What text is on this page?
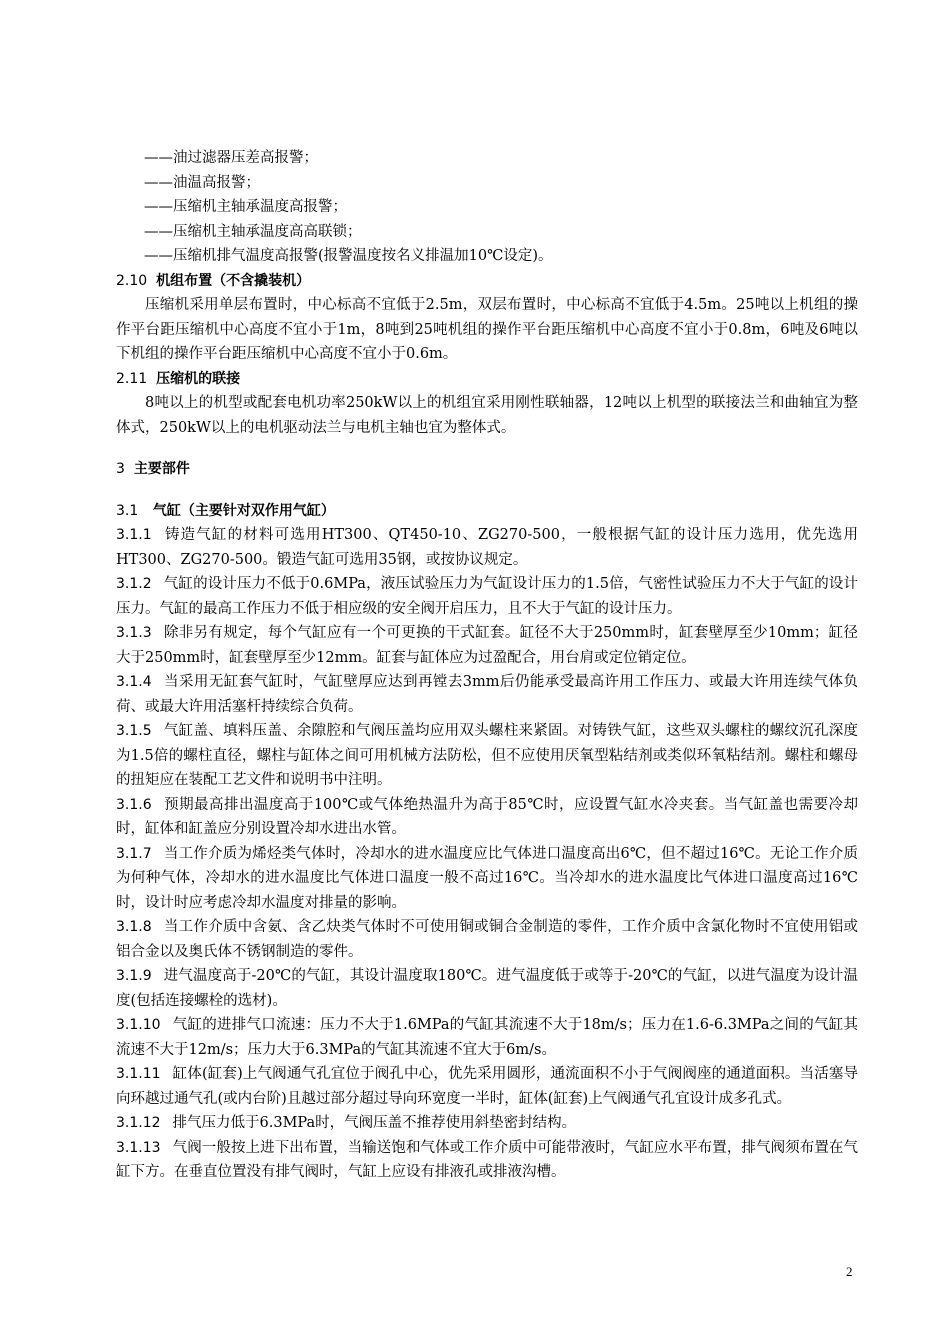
——油过滤器压差高报警；
——油温高报警；
——压缩机主轴承温度高报警；
——压缩机主轴承温度高高联锁；
——压缩机排气温度高报警(报警温度按名义排温加10℃设定)。
2.10 机组布置（不含撬装机）
压缩机采用单层布置时，中心标高不宜低于2.5m，双层布置时，中心标高不宜低于4.5m。25吨以上机组的操作平台距压缩机中心高度不宜小于1m，8吨到25吨机组的操作平台距压缩机中心高度不宜小于0.8m，6吨及6吨以下机组的操作平台距压缩机中心高度不宜小于0.6m。
2.11 压缩机的联接
8吨以上的机型或配套电机功率250kW以上的机组宜采用刚性联轴器，12吨以上机型的联接法兰和曲轴宜为整体式，250kW以上的电机驱动法兰与电机主轴也宜为整体式。
3 主要部件
3.1 气缸（主要针对双作用气缸）
3.1.1 铸造气缸的材料可选用HT300、QT450-10、ZG270-500，一般根据气缸的设计压力选用，优先选用HT300、ZG270-500。锻造气缸可选用35钢，或按协议规定。
3.1.2 气缸的设计压力不低于0.6MPa，液压试验压力为气缸设计压力的1.5倍，气密性试验压力不大于气缸的设计压力。气缸的最高工作压力不低于相应级的安全阀开启压力，且不大于气缸的设计压力。
3.1.3 除非另有规定，每个气缸应有一个可更换的干式缸套。缸径不大于250mm时，缸套壁厚至少10mm；缸径大于250mm时，缸套壁厚至少12mm。缸套与缸体应为过盈配合，用台肩或定位销定位。
3.1.4 当采用无缸套气缸时，气缸壁厚应达到再镗去3mm后仍能承受最高许用工作压力、或最大许用连续气体负荷、或最大许用活塞杆持续综合负荷。
3.1.5 气缸盖、填料压盖、余隙腔和气阀压盖均应用双头螺柱来紧固。对铸铁气缸，这些双头螺柱的螺纹沉孔深度为1.5倍的螺柱直径，螺柱与缸体之间可用机械方法防松，但不应使用厌氧型粘结剂或类似环氧粘结剂。螺柱和螺母的扭矩应在装配工艺文件和说明书中注明。
3.1.6 预期最高排出温度高于100℃或气体绝热温升为高于85℃时，应设置气缸水冷夹套。当气缸盖也需要冷却时，缸体和缸盖应分别设置冷却水进出水管。
3.1.7 当工作介质为烯烃类气体时，冷却水的进水温度应比气体进口温度高出6℃，但不超过16℃。无论工作介质为何种气体，冷却水的进水温度比气体进口温度一般不高过16℃。当冷却水的进水温度比气体进口温度高过16℃时，设计时应考虑冷却水温度对排量的影响。
3.1.8 当工作介质中含氨、含乙炔类气体时不可使用铜或铜合金制造的零件，工作介质中含氯化物时不宜使用铝或铝合金以及奥氏体不锈钢制造的零件。
3.1.9 进气温度高于-20℃的气缸，其设计温度取180℃。进气温度低于或等于-20℃的气缸，以进气温度为设计温度(包括连接螺栓的选材)。
3.1.10 气缸的进排气口流速：压力不大于1.6MPa的气缸其流速不大于18m/s；压力在1.6-6.3MPa之间的气缸其流速不大于12m/s；压力大于6.3MPa的气缸其流速不宜大于6m/s。
3.1.11 缸体(缸套)上气阀通气孔宜位于阀孔中心，优先采用圆形，通流面积不小于气阀阀座的通道面积。当活塞导向环越过通气孔(或内台阶)且越过部分超过导向环宽度一半时，缸体(缸套)上气阀通气孔宜设计成多孔式。
3.1.12 排气压力低于6.3MPa时，气阀压盖不推荐使用斜垫密封结构。
3.1.13 气阀一般按上进下出布置，当输送饱和气体或工作介质中可能带液时，气缸应水平布置，排气阀须布置在气缸下方。在垂直位置没有排气阀时，气缸上应设有排液孔或排液沟槽。
2
